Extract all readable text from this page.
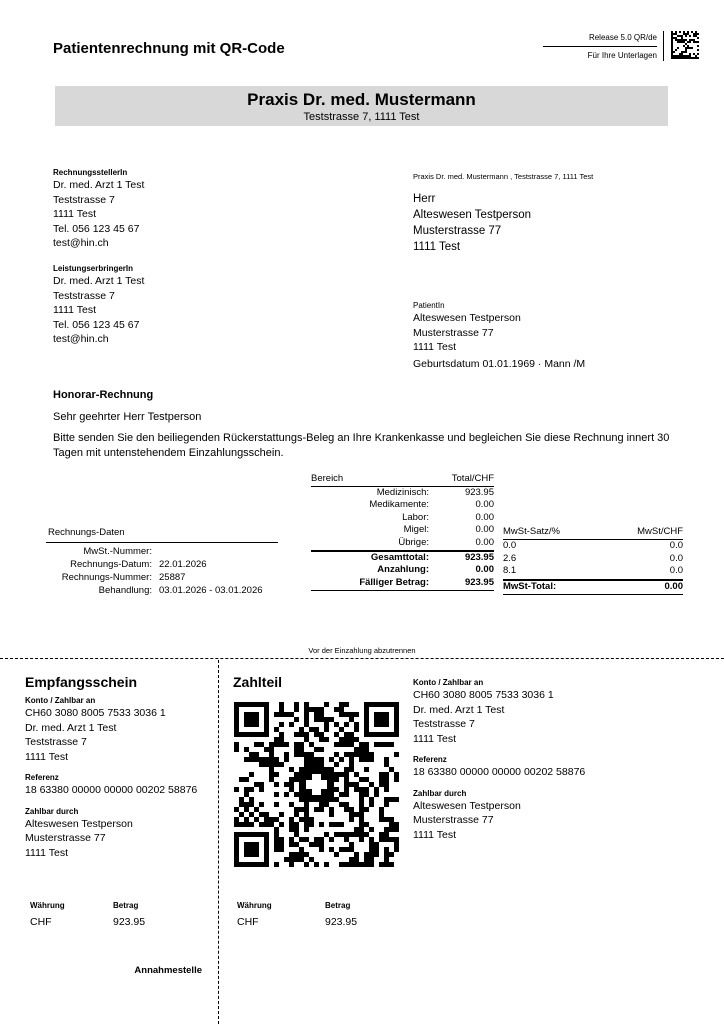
Patientenrechnung mit QR-Code
Release 5.0 QR/de
Für Ihre Unterlagen
Praxis Dr. med. Mustermann
Teststrasse 7, 1111 Test
RechnungsstellerIn
Dr. med. Arzt 1 Test
Teststrasse 7
1111 Test
Tel. 056 123 45 67
test@hin.ch
LeistungserbringerIn
Dr. med. Arzt 1 Test
Teststrasse 7
1111 Test
Tel. 056 123 45 67
test@hin.ch
Praxis Dr. med. Mustermann , Teststrasse 7, 1111 Test
Herr
Alteswesen Testperson
Musterstrasse 77
1111 Test
PatientIn
Alteswesen Testperson
Musterstrasse 77
1111 Test
Geburtsdatum 01.01.1969 · Mann /M
Honorar-Rechnung
Sehr geehrter Herr Testperson
Bitte senden Sie den beiliegenden Rückerstattungs-Beleg an Ihre Krankenkasse und begleichen Sie diese Rechnung innert 30 Tagen mit untenstehendem Einzahlungsschein.
Bereich	Total/CHF
Medizinisch:	923.95
Medikamente:	0.00
Labor:	0.00
Migel:	0.00
Übrige:	0.00
Gesamttotal:	923.95
Anzahlung:	0.00
Fälliger Betrag:	923.95
MwSt-Satz/%	MwSt/CHF
0.0	0.0
2.6	0.0
8.1	0.0
MwSt-Total:	0.00
Rechnungs-Daten
MwSt.-Nummer:
Rechnungs-Datum: 22.01.2026
Rechnungs-Nummer: 25887
Behandlung: 03.01.2026 - 03.01.2026
Vor der Einzahlung abzutrennen
Empfangsschein
Konto / Zahlbar an
CH60 3080 8005 7533 3036 1
Dr. med. Arzt 1 Test
Teststrasse 7
1111 Test
Referenz
18 63380 00000 00000 00202 58876
Zahlbar durch
Alteswesen Testperson
Musterstrasse 77
1111 Test
Währung
CHF
Betrag
923.95
Annahmestelle
Zahlteil
Währung
CHF
Betrag
923.95
Konto / Zahlbar an
CH60 3080 8005 7533 3036 1
Dr. med. Arzt 1 Test
Teststrasse 7
1111 Test
Referenz
18 63380 00000 00000 00202 58876
Zahlbar durch
Alteswesen Testperson
Musterstrasse 77
1111 Test
